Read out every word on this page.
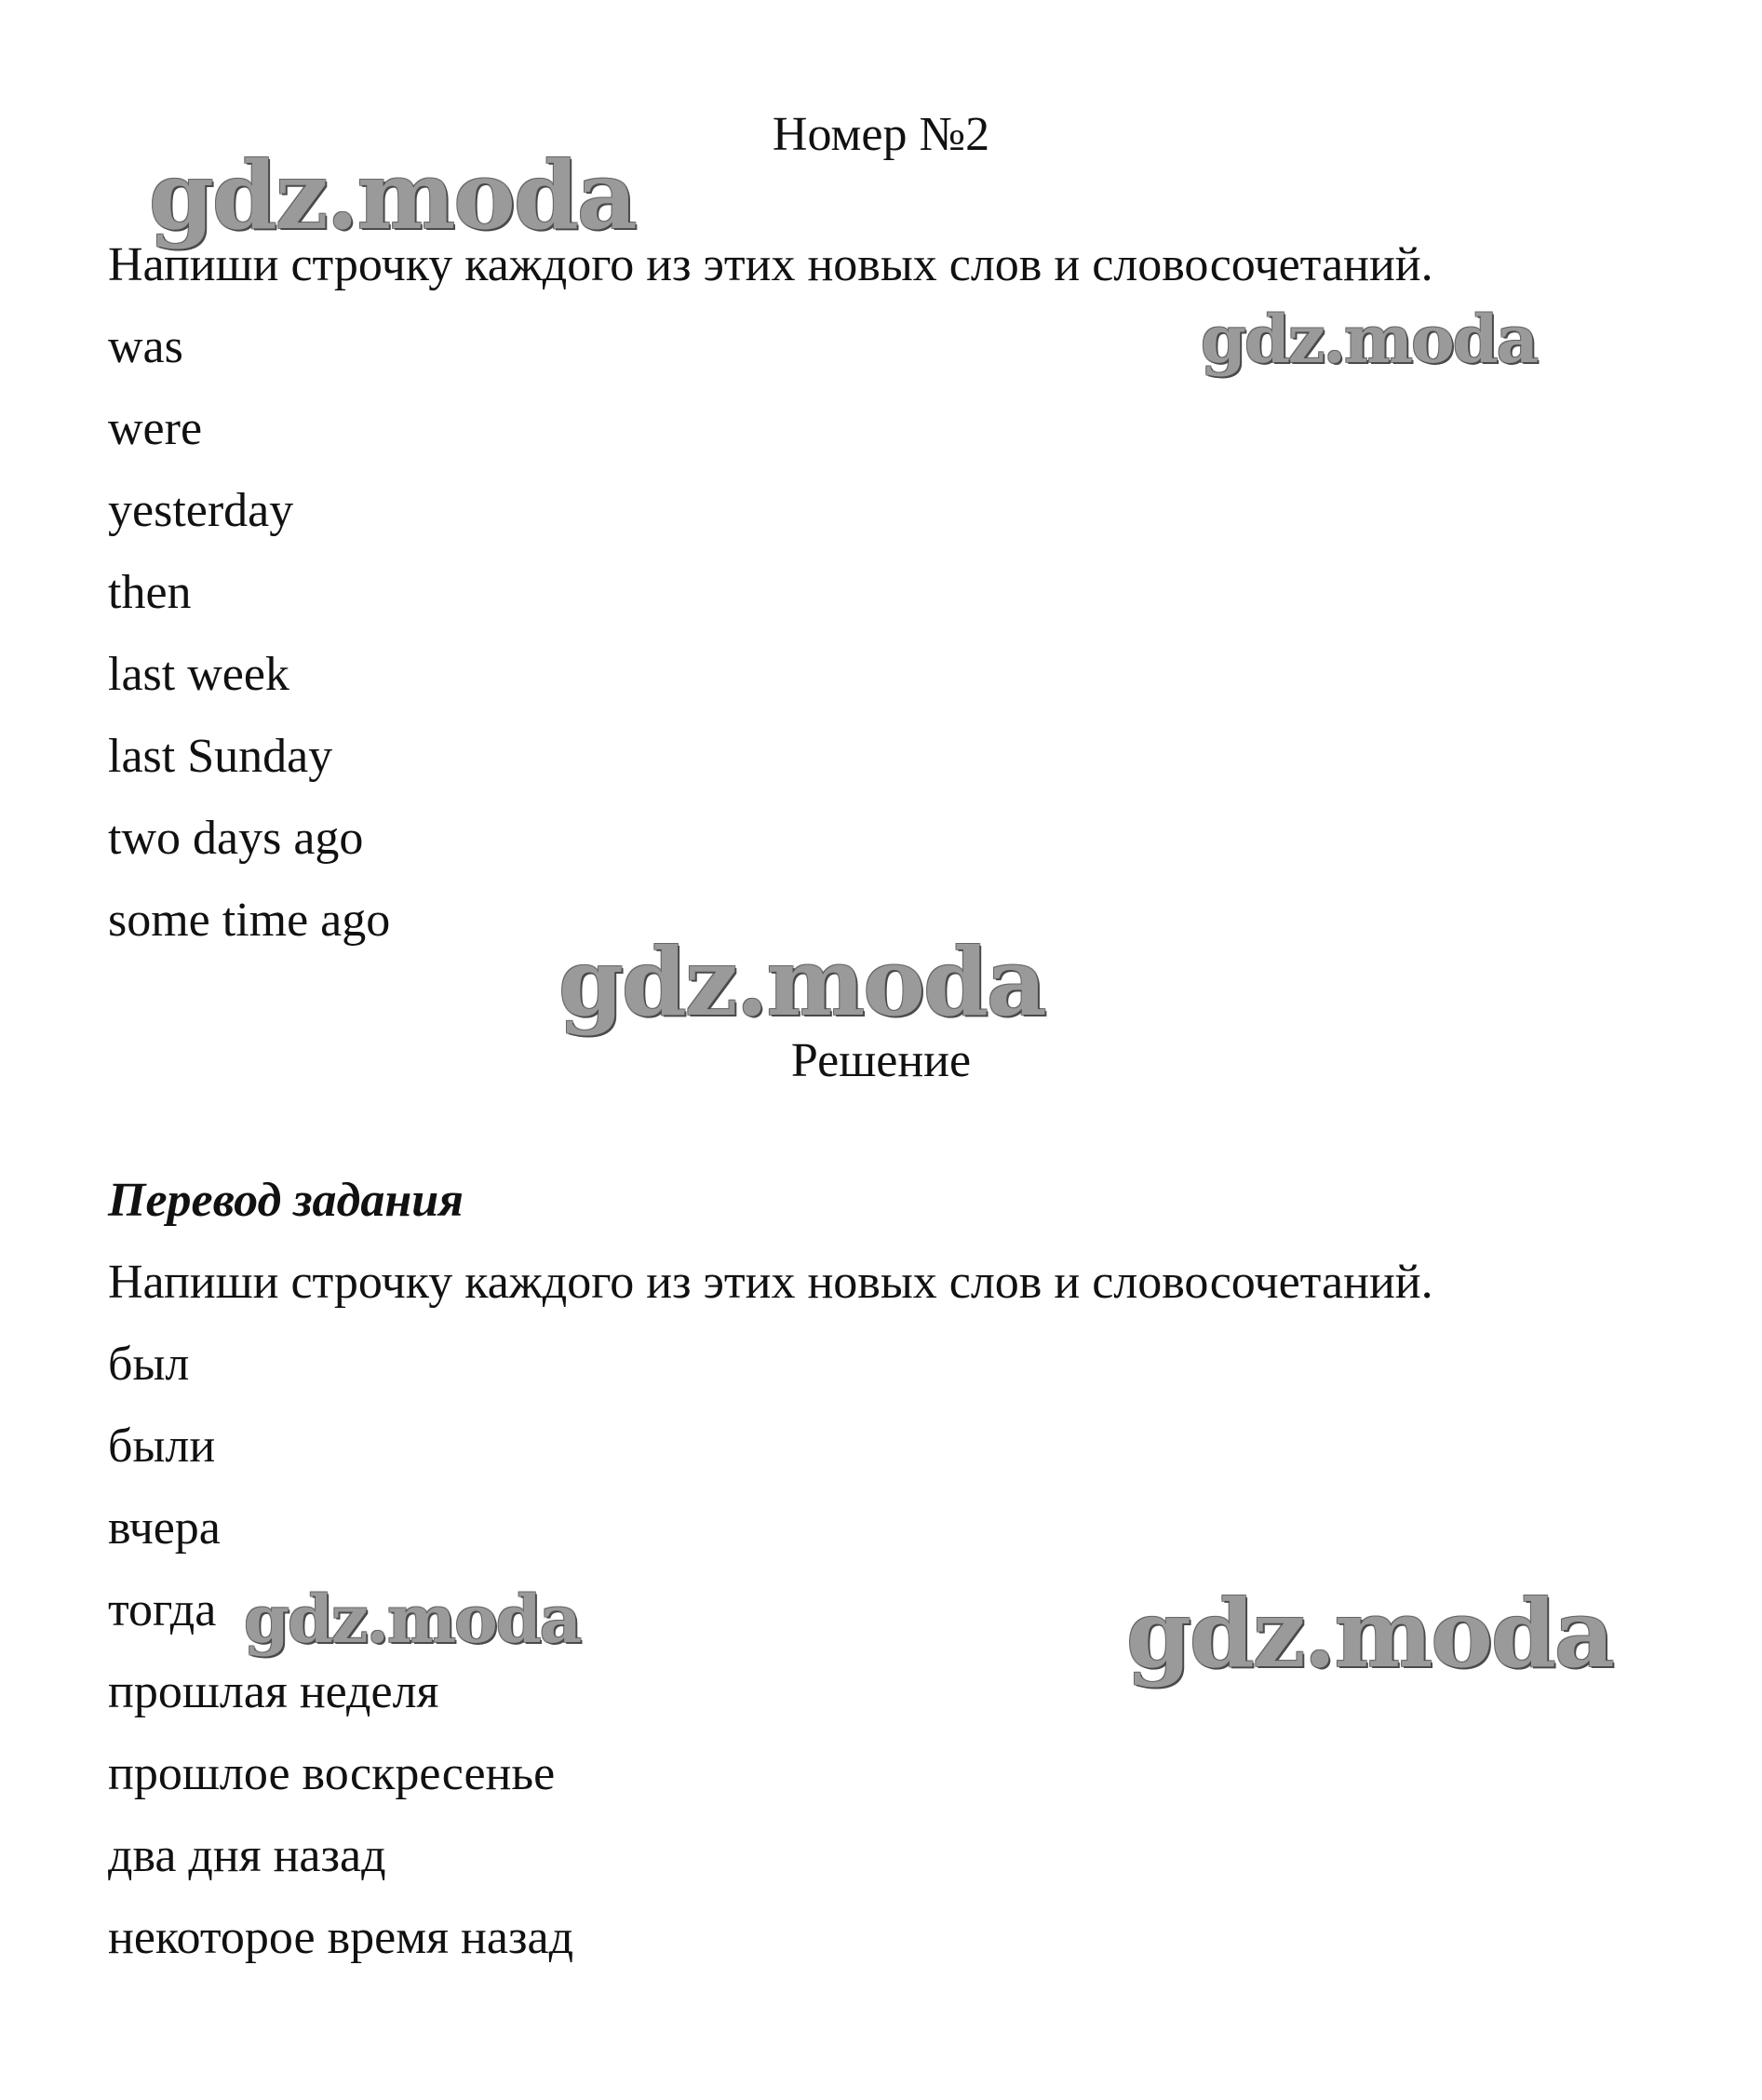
Номер №2
Напиши строчку каждого из этих новых слов и словосочетаний.
was
were
yesterday
then
last week
last Sunday
two days ago
some time ago
Решение
Перевод задания
Напиши строчку каждого из этих новых слов и словосочетаний.
был
были
вчера
тогда
прошлая неделя
прошлое воскресенье
два дня назад
некоторое время назад
gdz.moda
gdz.moda
gdz.moda
gdz.moda	gdz.moda
